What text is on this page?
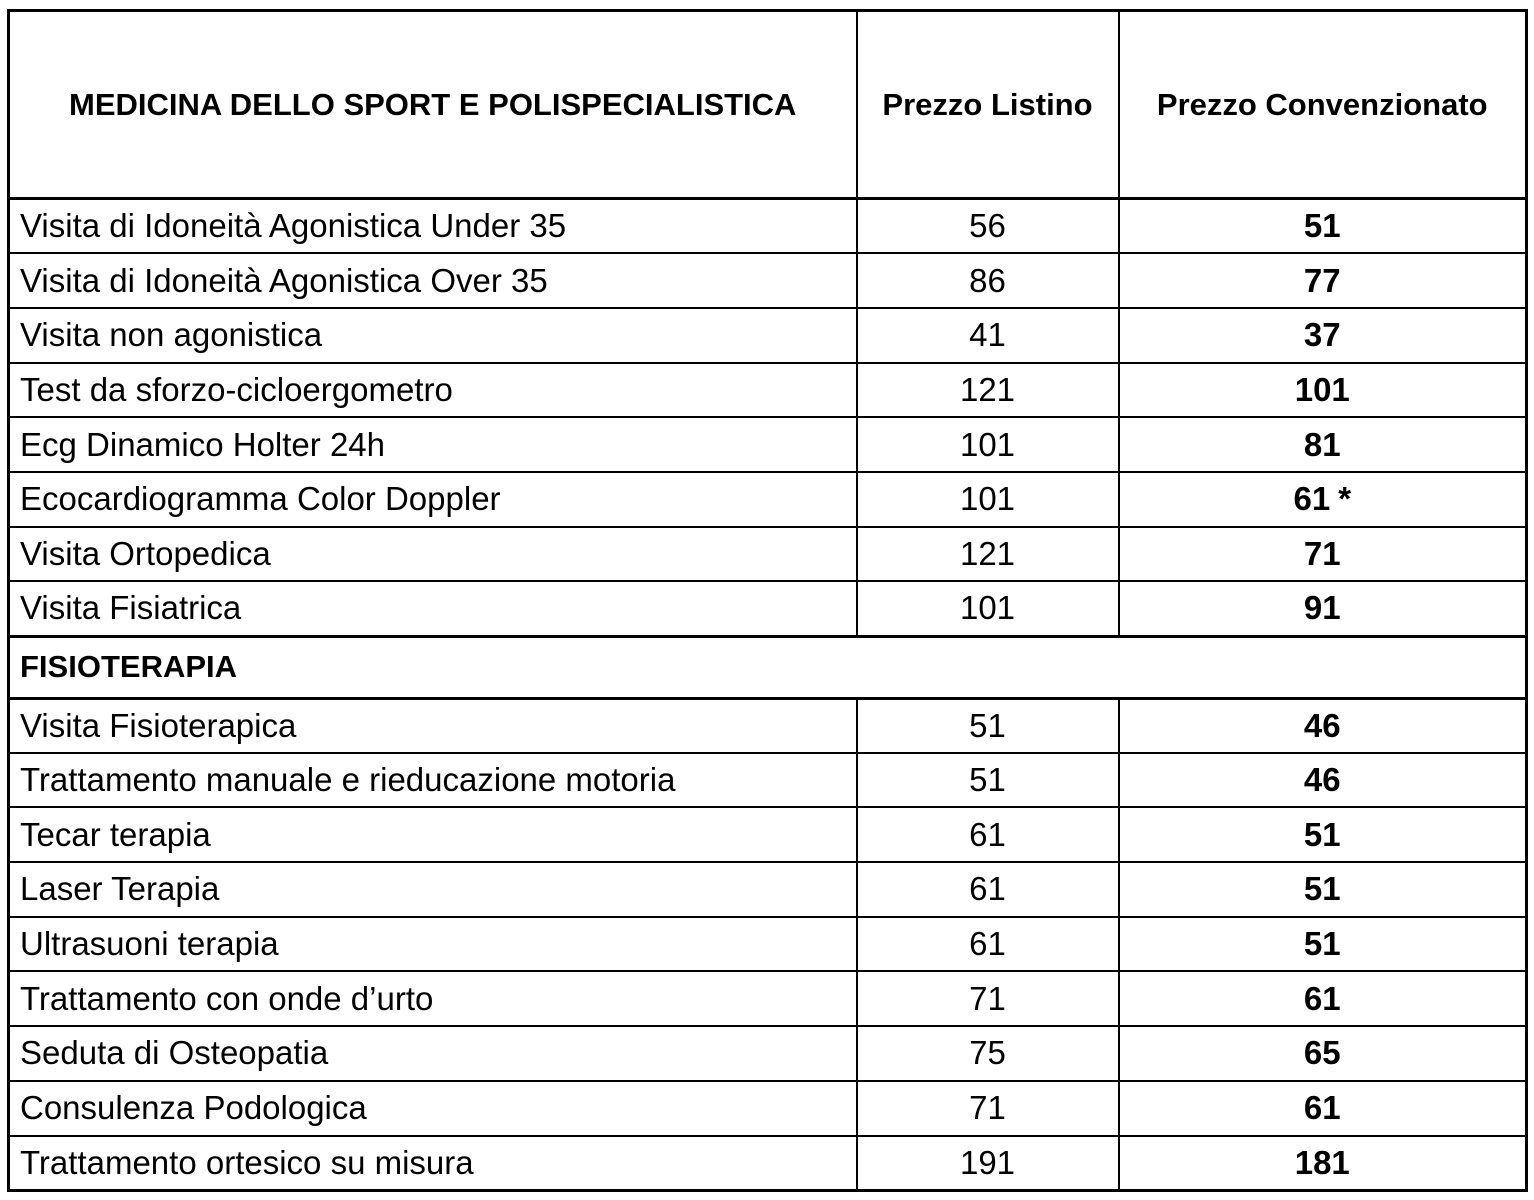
MEDICINA DELLO SPORT E POLISPECIALISTICA	Prezzo Listino	Prezzo Convenzionato
Visita di Idoneità Agonistica Under 35	56	51
Visita di Idoneità Agonistica Over 35	86	77
Visita non agonistica	41	37
Test da sforzo-cicloergometro	121	101
Ecg Dinamico Holter 24h	101	81
Ecocardiogramma Color Doppler	101	61 *
Visita Ortopedica	121	71
Visita Fisiatrica	101	91
FISIOTERAPIA		
Visita Fisioterapica	51	46
Trattamento manuale e rieducazione motoria	51	46
Tecar terapia	61	51
Laser Terapia	61	51
Ultrasuoni terapia	61	51
Trattamento con onde d’urto	71	61
Seduta di Osteopatia	75	65
Consulenza Podologica	71	61
Trattamento ortesico su misura	191	181
